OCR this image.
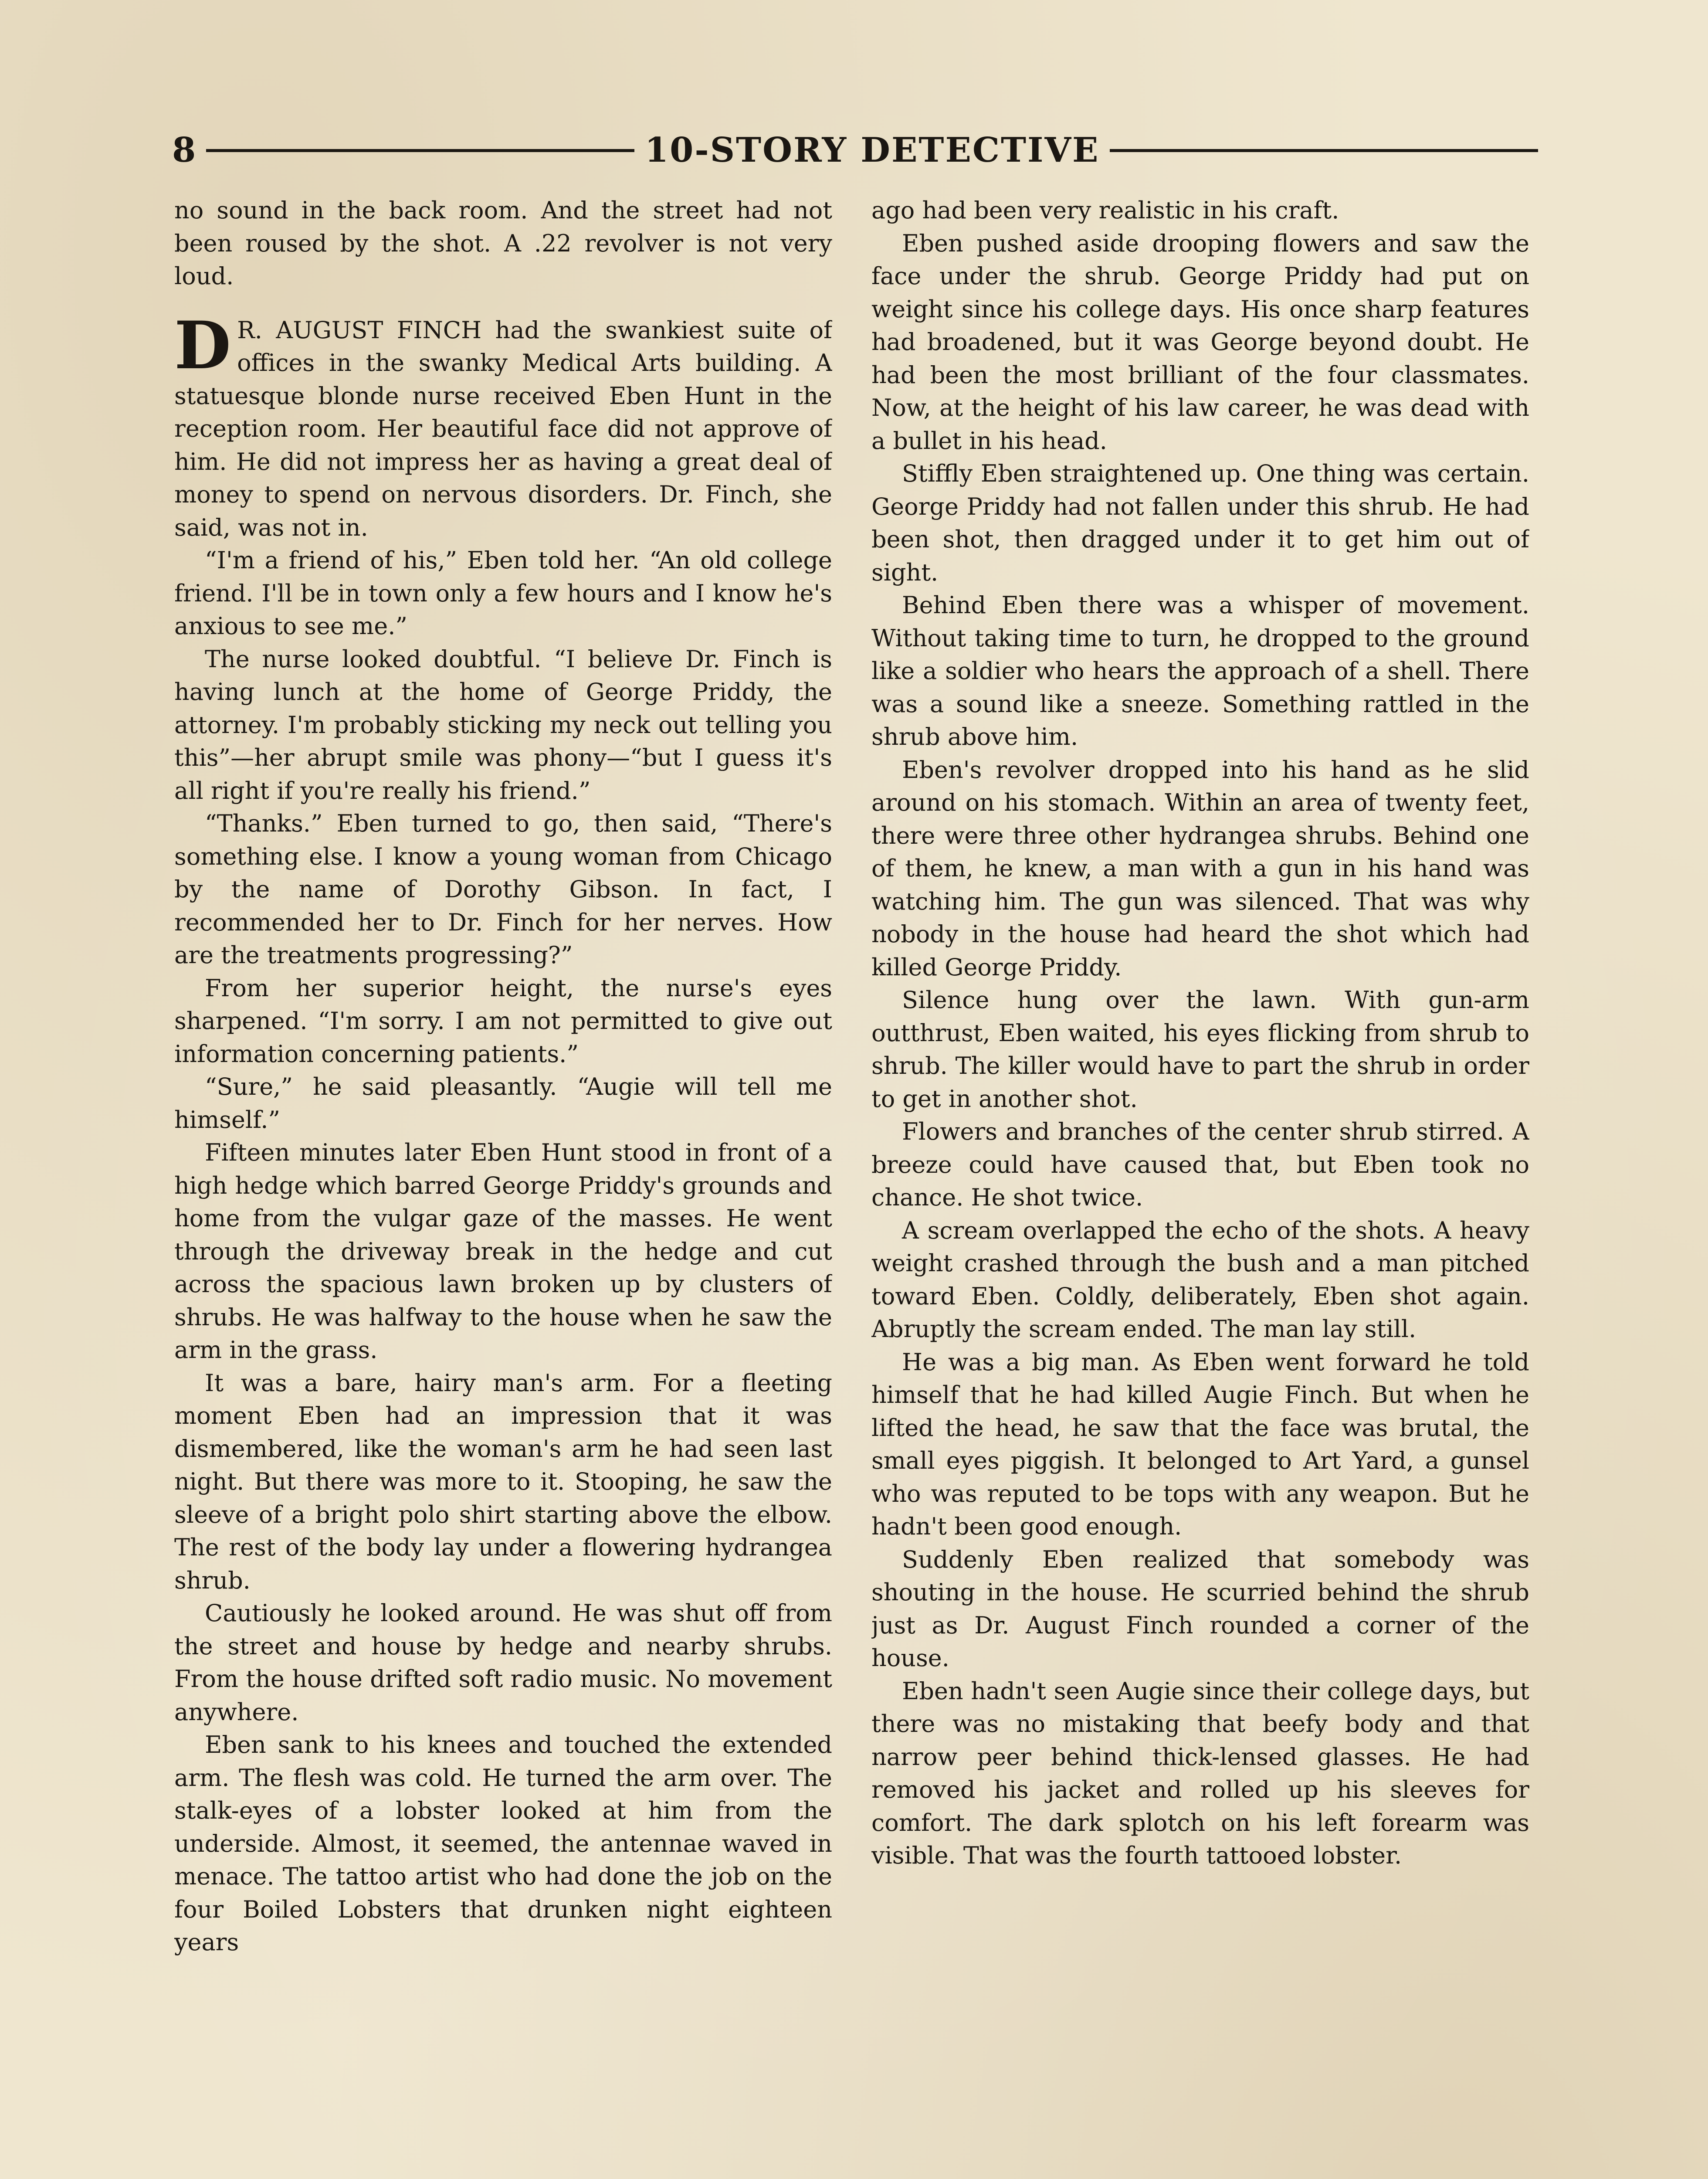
8	10-STORY DETECTIVE

no sound in the back room. And the street had not been roused by the shot. A .22 revolver is not very loud.

D R. AUGUST FINCH had the swankiest suite of offices in the swanky Medical Arts building. A statuesque blonde nurse received Eben Hunt in the reception room. Her beautiful face did not approve of him. He did not impress her as having a great deal of money to spend on nervous disorders. Dr. Finch, she said, was not in.

“I'm a friend of his,” Eben told her. “An old college friend. I'll be in town only a few hours and I know he's anxious to see me.”

The nurse looked doubtful. “I believe Dr. Finch is having lunch at the home of George Priddy, the attorney. I'm probably sticking my neck out telling you this”—her abrupt smile was phony—“but I guess it's all right if you're really his friend.”

“Thanks.” Eben turned to go, then said, “There's something else. I know a young woman from Chicago by the name of Dorothy Gibson. In fact, I recommended her to Dr. Finch for her nerves. How are the treatments progressing?”

From her superior height, the nurse's eyes sharpened. “I'm sorry. I am not permitted to give out information concerning patients.”

“Sure,” he said pleasantly. “Augie will tell me himself.”

Fifteen minutes later Eben Hunt stood in front of a high hedge which barred George Priddy's grounds and home from the vulgar gaze of the masses. He went through the driveway break in the hedge and cut across the spacious lawn broken up by clusters of shrubs. He was halfway to the house when he saw the arm in the grass.

It was a bare, hairy man's arm. For a fleeting moment Eben had an impression that it was dismembered, like the woman's arm he had seen last night. But there was more to it. Stooping, he saw the sleeve of a bright polo shirt starting above the elbow. The rest of the body lay under a flowering hydrangea shrub.

Cautiously he looked around. He was shut off from the street and house by hedge and nearby shrubs. From the house drifted soft radio music. No movement anywhere.

Eben sank to his knees and touched the extended arm. The flesh was cold. He turned the arm over. The stalk-eyes of a lobster looked at him from the underside. Almost, it seemed, the antennae waved in menace. The tattoo artist who had done the job on the four Boiled Lobsters that drunken night eighteen years

ago had been very realistic in his craft.

Eben pushed aside drooping flowers and saw the face under the shrub. George Priddy had put on weight since his college days. His once sharp features had broadened, but it was George beyond doubt. He had been the most brilliant of the four classmates. Now, at the height of his law career, he was dead with a bullet in his head.

Stiffly Eben straightened up. One thing was certain. George Priddy had not fallen under this shrub. He had been shot, then dragged under it to get him out of sight.

Behind Eben there was a whisper of movement. Without taking time to turn, he dropped to the ground like a soldier who hears the approach of a shell. There was a sound like a sneeze. Something rattled in the shrub above him.

Eben's revolver dropped into his hand as he slid around on his stomach. Within an area of twenty feet, there were three other hydrangea shrubs. Behind one of them, he knew, a man with a gun in his hand was watching him. The gun was silenced. That was why nobody in the house had heard the shot which had killed George Priddy.

Silence hung over the lawn. With gun-arm outthrust, Eben waited, his eyes flicking from shrub to shrub. The killer would have to part the shrub in order to get in another shot.

Flowers and branches of the center shrub stirred. A breeze could have caused that, but Eben took no chance. He shot twice.

A scream overlapped the echo of the shots. A heavy weight crashed through the bush and a man pitched toward Eben. Coldly, deliberately, Eben shot again. Abruptly the scream ended. The man lay still.

He was a big man. As Eben went forward he told himself that he had killed Augie Finch. But when he lifted the head, he saw that the face was brutal, the small eyes piggish. It belonged to Art Yard, a gunsel who was reputed to be tops with any weapon. But he hadn't been good enough.

Suddenly Eben realized that somebody was shouting in the house. He scurried behind the shrub just as Dr. August Finch rounded a corner of the house.

Eben hadn't seen Augie since their college days, but there was no mistaking that beefy body and that narrow peer behind thick-lensed glasses. He had removed his jacket and rolled up his sleeves for comfort. The dark splotch on his left forearm was visible. That was the fourth tattooed lobster.
